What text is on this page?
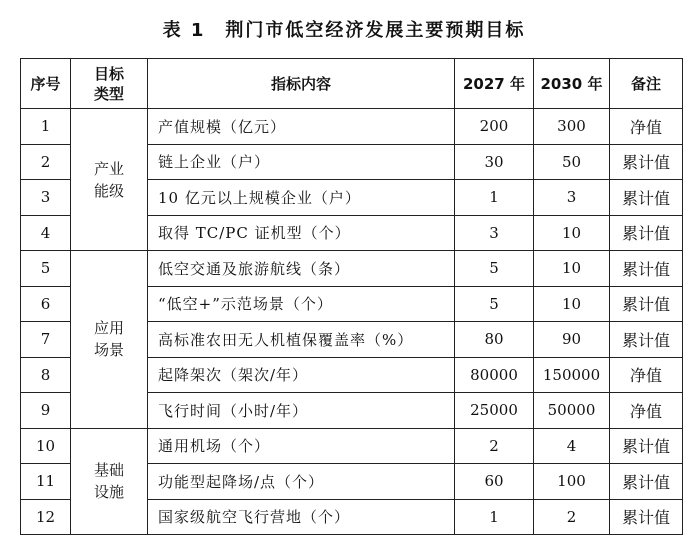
表 1　荆门市低空经济发展主要预期目标
序号	目标类型	指标内容	2027 年	2030 年	备注
1	产业能级	产值规模（亿元）	200	300	净值
2		链上企业（户）	30	50	累计值
3		10 亿元以上规模企业（户）	1	3	累计值
4		取得 TC/PC 证机型（个）	3	10	累计值
5	应用场景	低空交通及旅游航线（条）	5	10	累计值
6		“低空+”示范场景（个）	5	10	累计值
7		高标准农田无人机植保覆盖率（%）	80	90	累计值
8		起降架次（架次/年）	80000	150000	净值
9		飞行时间（小时/年）	25000	50000	净值
10	基础设施	通用机场（个）	2	4	累计值
11		功能型起降场/点（个）	60	100	累计值
12		国家级航空飞行营地（个）	1	2	累计值
